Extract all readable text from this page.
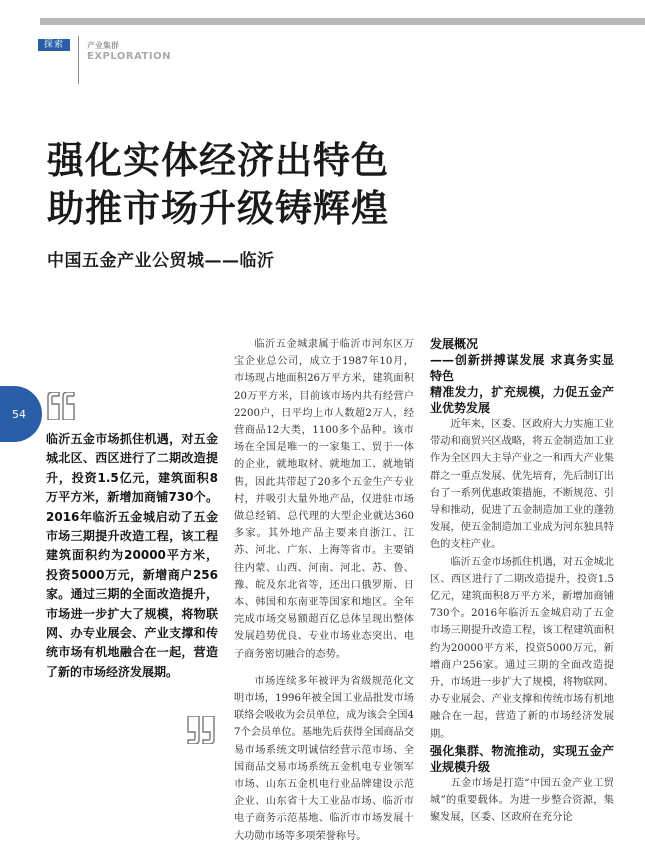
探索	产业集群
EXPLORATION
强化实体经济出特色
助推市场升级铸辉煌
中国五金产业公贸城——临沂
54
临沂五金市场抓住机遇，对五金城北区、西区进行了二期改造提升，投资1.5亿元，建筑面积8万平方米，新增加商铺730个。2016年临沂五金城启动了五金市场三期提升改造工程，该工程建筑面积约为20000平方米，投资5000万元，新增商户256家。通过三期的全面改造提升，市场进一步扩大了规模，将物联网、办专业展会、产业支撑和传统市场有机地融合在一起，营造了新的市场经济发展期。

临沂五金城隶属于临沂市河东区万宝企业总公司，成立于1987年10月，市场现占地面积26万平方米，建筑面积20万平方米，目前该市场内共有经营户2200户，日平均上市人数超2万人，经营商品12大类，1100多个品种。该市场在全国是唯一的一家集工、贸于一体的企业，就地取材、就地加工、就地销售，因此共带起了20多个五金生产专业村，并吸引大量外地产品，仅进驻市场做总经销、总代理的大型企业就达360多家。其外地产品主要来自浙江、江苏、河北、广东、上海等省市。主要销往内蒙、山西、河南、河北、苏、鲁、豫、皖及东北省等，还出口俄罗斯、日本、韩国和东南亚等国家和地区。全年完成市场交易额超百亿总体呈现出整体发展趋势优良、专业市场业态突出、电子商务密切融合的态势。

市场连续多年被评为省级规范化文明市场，1996年被全国工业品批发市场联络会吸收为会员单位，成为该会全国47个会员单位。基地先后获得全国商品交易市场系统文明诚信经营示范市场、全国商品交易市场系统五金机电专业领军市场、山东五金机电行业品牌建设示范企业、山东省十大工业品市场、临沂市电子商务示范基地、临沂市市场发展十大功勋市场等多项荣誉称号。

发展概况
——创新拼搏谋发展 求真务实显特色
精准发力，扩充规模，力促五金产业优势发展

近年来，区委、区政府大力实施工业带动和商贸兴区战略，将五金制造加工业作为全区四大主导产业之一和西大产业集群之一重点发展、优先培育，先后制订出台了一系列优惠政策措施，不断规范、引导和推动，促进了五金制造加工业的蓬勃发展，使五金制造加工业成为河东独具特色的支柱产业。

临沂五金市场抓住机遇，对五金城北区、西区进行了二期改造提升，投资1.5亿元，建筑面积8万平方米，新增加商铺730个。2016年临沂五金城启动了五金市场三期提升改造工程，该工程建筑面积约为20000平方米，投资5000万元，新增商户256家。通过三期的全面改造提升，市场进一步扩大了规模，将物联网、办专业展会、产业支撑和传统市场有机地融合在一起，营造了新的市场经济发展期。

强化集群、物流推动，实现五金产业规模升级

五金市场是打造“中国五金产业工贸城”的重要载体。为进一步整合资源，集聚发展，区委、区政府在充分论
